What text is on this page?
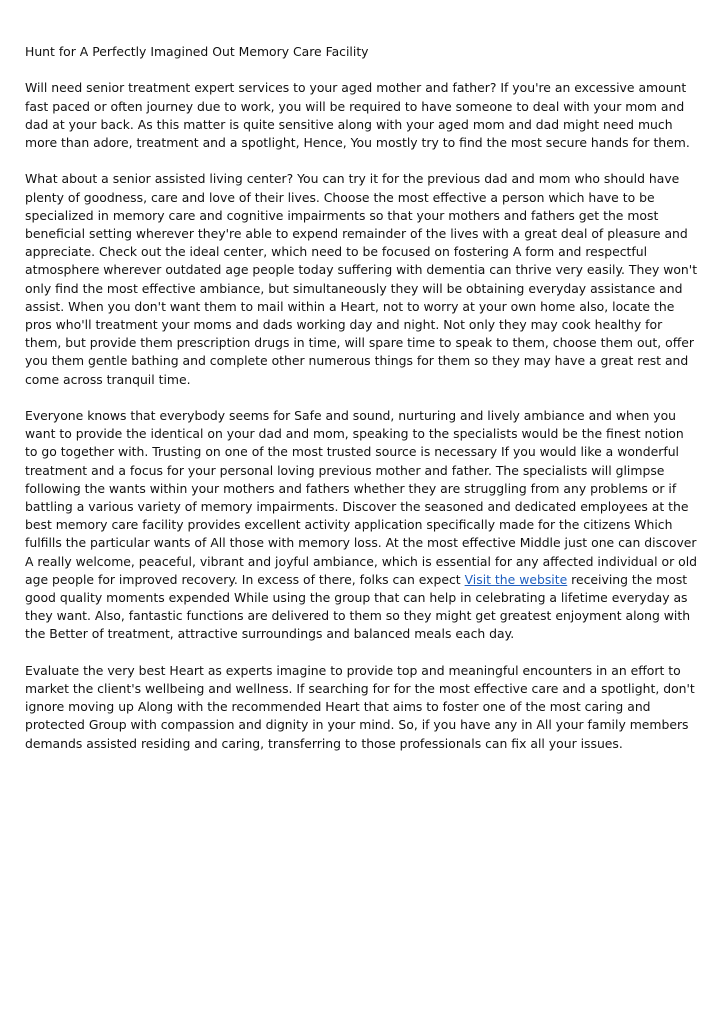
Hunt for A Perfectly Imagined Out Memory Care Facility

Will need senior treatment expert services to your aged mother and father? If you're an excessive amount fast paced or often journey due to work, you will be required to have someone to deal with your mom and dad at your back. As this matter is quite sensitive along with your aged mom and dad might need much more than adore, treatment and a spotlight, Hence, You mostly try to find the most secure hands for them.

What about a senior assisted living center? You can try it for the previous dad and mom who should have plenty of goodness, care and love of their lives. Choose the most effective a person which have to be specialized in memory care and cognitive impairments so that your mothers and fathers get the most beneficial setting wherever they're able to expend remainder of the lives with a great deal of pleasure and appreciate. Check out the ideal center, which need to be focused on fostering A form and respectful atmosphere wherever outdated age people today suffering with dementia can thrive very easily. They won't only find the most effective ambiance, but simultaneously they will be obtaining everyday assistance and assist. When you don't want them to mail within a Heart, not to worry at your own home also, locate the pros who'll treatment your moms and dads working day and night. Not only they may cook healthy for them, but provide them prescription drugs in time, will spare time to speak to them, choose them out, offer you them gentle bathing and complete other numerous things for them so they may have a great rest and come across tranquil time.

Everyone knows that everybody seems for Safe and sound, nurturing and lively ambiance and when you want to provide the identical on your dad and mom, speaking to the specialists would be the finest notion to go together with. Trusting on one of the most trusted source is necessary If you would like a wonderful treatment and a focus for your personal loving previous mother and father. The specialists will glimpse following the wants within your mothers and fathers whether they are struggling from any problems or if battling a various variety of memory impairments. Discover the seasoned and dedicated employees at the best memory care facility provides excellent activity application specifically made for the citizens Which fulfills the particular wants of All those with memory loss. At the most effective Middle just one can discover A really welcome, peaceful, vibrant and joyful ambiance, which is essential for any affected individual or old age people for improved recovery. In excess of there, folks can expect Visit the website receiving the most good quality moments expended While using the group that can help in celebrating a lifetime everyday as they want. Also, fantastic functions are delivered to them so they might get greatest enjoyment along with the Better of treatment, attractive surroundings and balanced meals each day.

Evaluate the very best Heart as experts imagine to provide top and meaningful encounters in an effort to market the client's wellbeing and wellness. If searching for for the most effective care and a spotlight, don't ignore moving up Along with the recommended Heart that aims to foster one of the most caring and protected Group with compassion and dignity in your mind. So, if you have any in All your family members demands assisted residing and caring, transferring to those professionals can fix all your issues.
